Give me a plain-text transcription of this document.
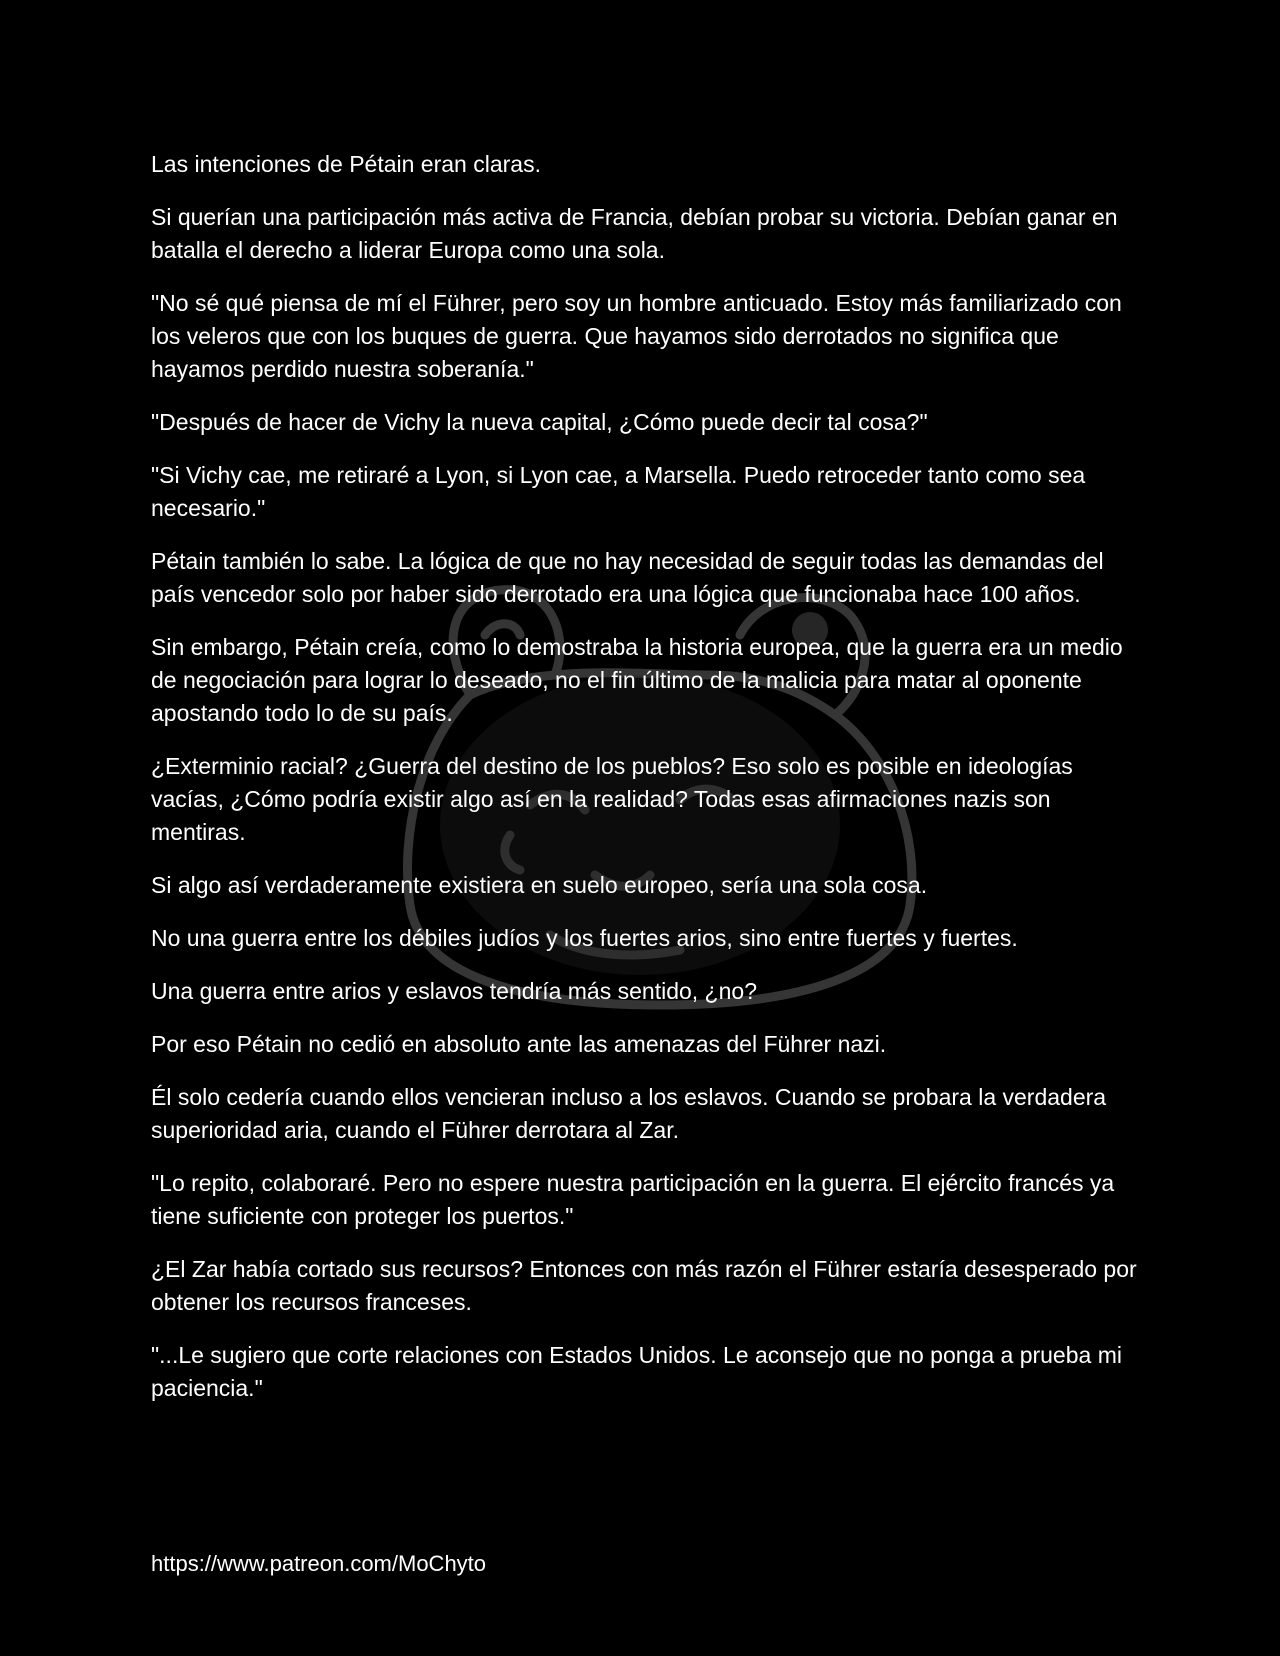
Las intenciones de Pétain eran claras.

Si querían una participación más activa de Francia, debían probar su victoria. Debían ganar en batalla el derecho a liderar Europa como una sola.

"No sé qué piensa de mí el Führer, pero soy un hombre anticuado. Estoy más familiarizado con los veleros que con los buques de guerra. Que hayamos sido derrotados no significa que hayamos perdido nuestra soberanía."

"Después de hacer de Vichy la nueva capital, ¿Cómo puede decir tal cosa?"

"Si Vichy cae, me retiraré a Lyon, si Lyon cae, a Marsella. Puedo retroceder tanto como sea necesario."

Pétain también lo sabe. La lógica de que no hay necesidad de seguir todas las demandas del país vencedor solo por haber sido derrotado era una lógica que funcionaba hace 100 años.

Sin embargo, Pétain creía, como lo demostraba la historia europea, que la guerra era un medio de negociación para lograr lo deseado, no el fin último de la malicia para matar al oponente apostando todo lo de su país.

¿Exterminio racial? ¿Guerra del destino de los pueblos? Eso solo es posible en ideologías vacías, ¿Cómo podría existir algo así en la realidad? Todas esas afirmaciones nazis son mentiras.

Si algo así verdaderamente existiera en suelo europeo, sería una sola cosa.

No una guerra entre los débiles judíos y los fuertes arios, sino entre fuertes y fuertes.

Una guerra entre arios y eslavos tendría más sentido, ¿no?

Por eso Pétain no cedió en absoluto ante las amenazas del Führer nazi.

Él solo cedería cuando ellos vencieran incluso a los eslavos. Cuando se probara la verdadera superioridad aria, cuando el Führer derrotara al Zar.

"Lo repito, colaboraré. Pero no espere nuestra participación en la guerra. El ejército francés ya tiene suficiente con proteger los puertos."

¿El Zar había cortado sus recursos? Entonces con más razón el Führer estaría desesperado por obtener los recursos franceses.

"...Le sugiero que corte relaciones con Estados Unidos. Le aconsejo que no ponga a prueba mi paciencia."

https://www.patreon.com/MoChyto
